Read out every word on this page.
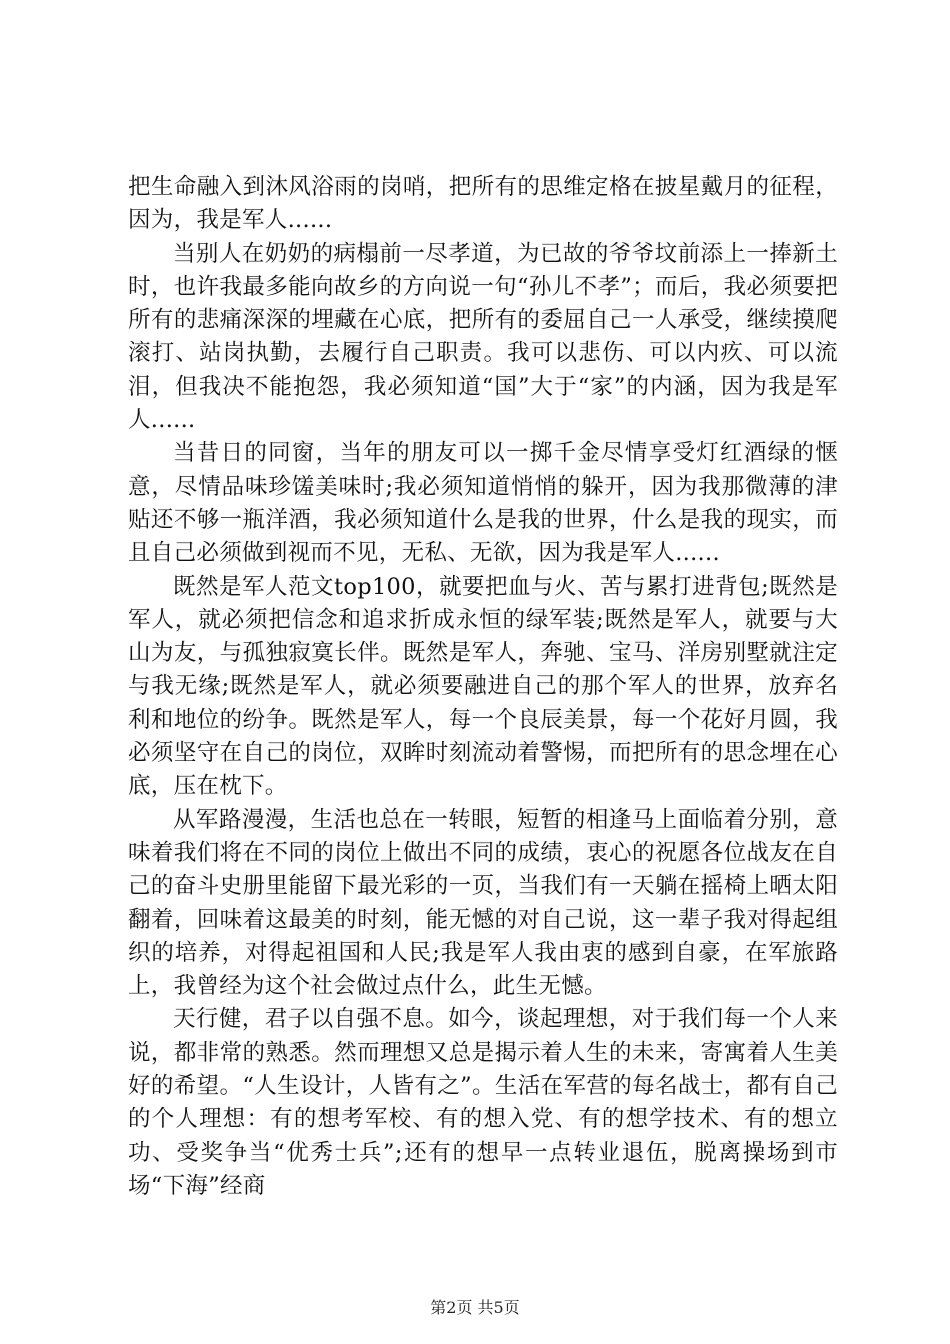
把生命融入到沐风浴雨的岗哨，把所有的思维定格在披星戴月的征程，因为，我是军人......

当别人在奶奶的病榻前一尽孝道，为已故的爷爷坟前添上一捧新土时，也许我最多能向故乡的方向说一句“孙儿不孝”；而后，我必须要把所有的悲痛深深的埋藏在心底，把所有的委屈自己一人承受，继续摸爬滚打、站岗执勤，去履行自己职责。我可以悲伤、可以内疚、可以流泪，但我决不能抱怨，我必须知道“国”大于“家”的内涵，因为我是军人......

当昔日的同窗，当年的朋友可以一掷千金尽情享受灯红酒绿的惬意，尽情品味珍馐美味时;我必须知道悄悄的躲开，因为我那微薄的津贴还不够一瓶洋酒，我必须知道什么是我的世界，什么是我的现实，而且自己必须做到视而不见，无私、无欲，因为我是军人......

既然是军人范文top100，就要把血与火、苦与累打进背包;既然是军人，就必须把信念和追求折成永恒的绿军装;既然是军人，就要与大山为友，与孤独寂寞长伴。既然是军人，奔驰、宝马、洋房别墅就注定与我无缘;既然是军人，就必须要融进自己的那个军人的世界，放弃名利和地位的纷争。既然是军人，每一个良辰美景，每一个花好月圆，我必须坚守在自己的岗位，双眸时刻流动着警惕，而把所有的思念埋在心底，压在枕下。

从军路漫漫，生活也总在一转眼，短暂的相逢马上面临着分别，意味着我们将在不同的岗位上做出不同的成绩，衷心的祝愿各位战友在自己的奋斗史册里能留下最光彩的一页，当我们有一天躺在摇椅上晒太阳翻着，回味着这最美的时刻，能无憾的对自己说，这一辈子我对得起组织的培养，对得起祖国和人民;我是军人我由衷的感到自豪，在军旅路上，我曾经为这个社会做过点什么，此生无憾。

天行健，君子以自强不息。如今，谈起理想，对于我们每一个人来说，都非常的熟悉。然而理想又总是揭示着人生的未来，寄寓着人生美好的希望。“人生设计，人皆有之”。生活在军营的每名战士，都有自己的个人理想：有的想考军校、有的想入党、有的想学技术、有的想立功、受奖争当“优秀士兵”;还有的想早一点转业退伍，脱离操场到市场“下海”经商

第2页 共5页
